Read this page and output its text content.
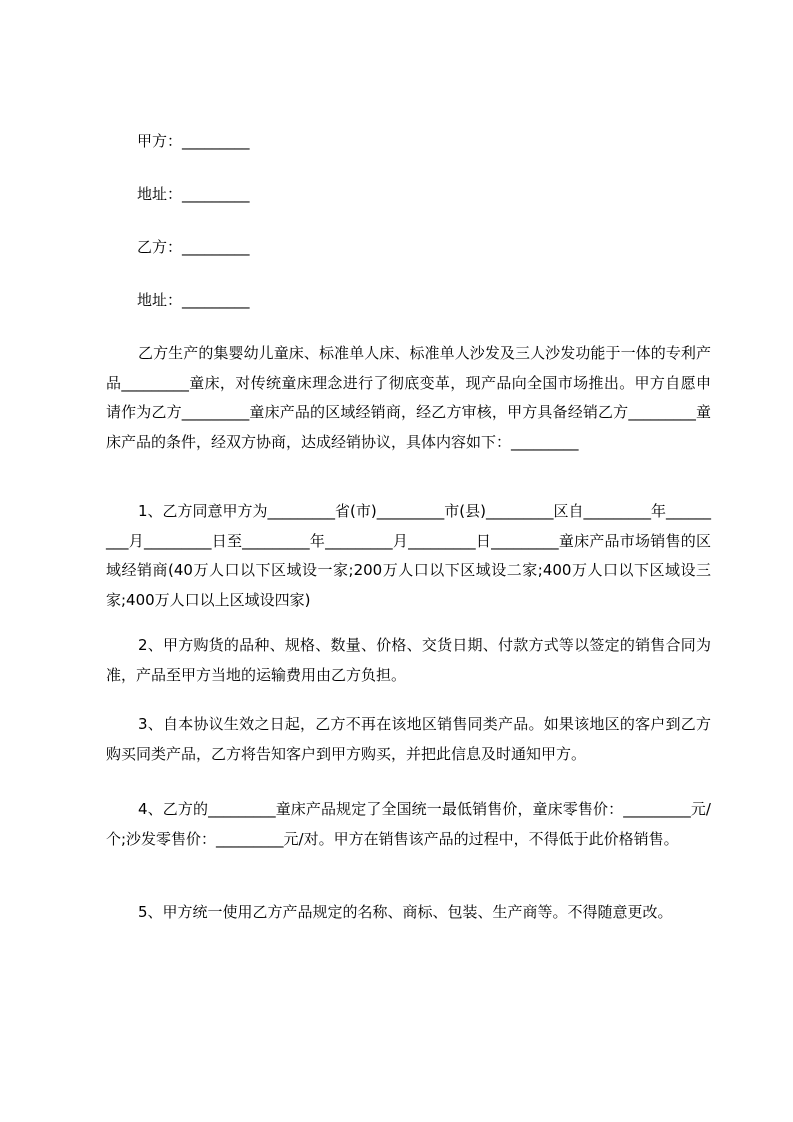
甲方：_________
地址：_________
乙方：_________
地址：_________
乙方生产的集婴幼儿童床、标准单人床、标准单人沙发及三人沙发功能于一体的专利产品_________童床，对传统童床理念进行了彻底变革，现产品向全国市场推出。甲方自愿申请作为乙方_________童床产品的区域经销商，经乙方审核，甲方具备经销乙方_________童床产品的条件，经双方协商，达成经销协议，具体内容如下：_________
1、乙方同意甲方为_________省(市)_________市(县)_________区自_________年_________月_________日至_________年_________月_________日_________童床产品市场销售的区域经销商(40万人口以下区域设一家;200万人口以下区域设二家;400万人口以下区域设三家;400万人口以上区域设四家)
2、甲方购货的品种、规格、数量、价格、交货日期、付款方式等以签定的销售合同为准，产品至甲方当地的运输费用由乙方负担。
3、自本协议生效之日起，乙方不再在该地区销售同类产品。如果该地区的客户到乙方购买同类产品，乙方将告知客户到甲方购买，并把此信息及时通知甲方。
4、乙方的_________童床产品规定了全国统一最低销售价，童床零售价：_________元/个;沙发零售价：_________元/对。甲方在销售该产品的过程中，不得低于此价格销售。
5、甲方统一使用乙方产品规定的名称、商标、包装、生产商等。不得随意更改。
